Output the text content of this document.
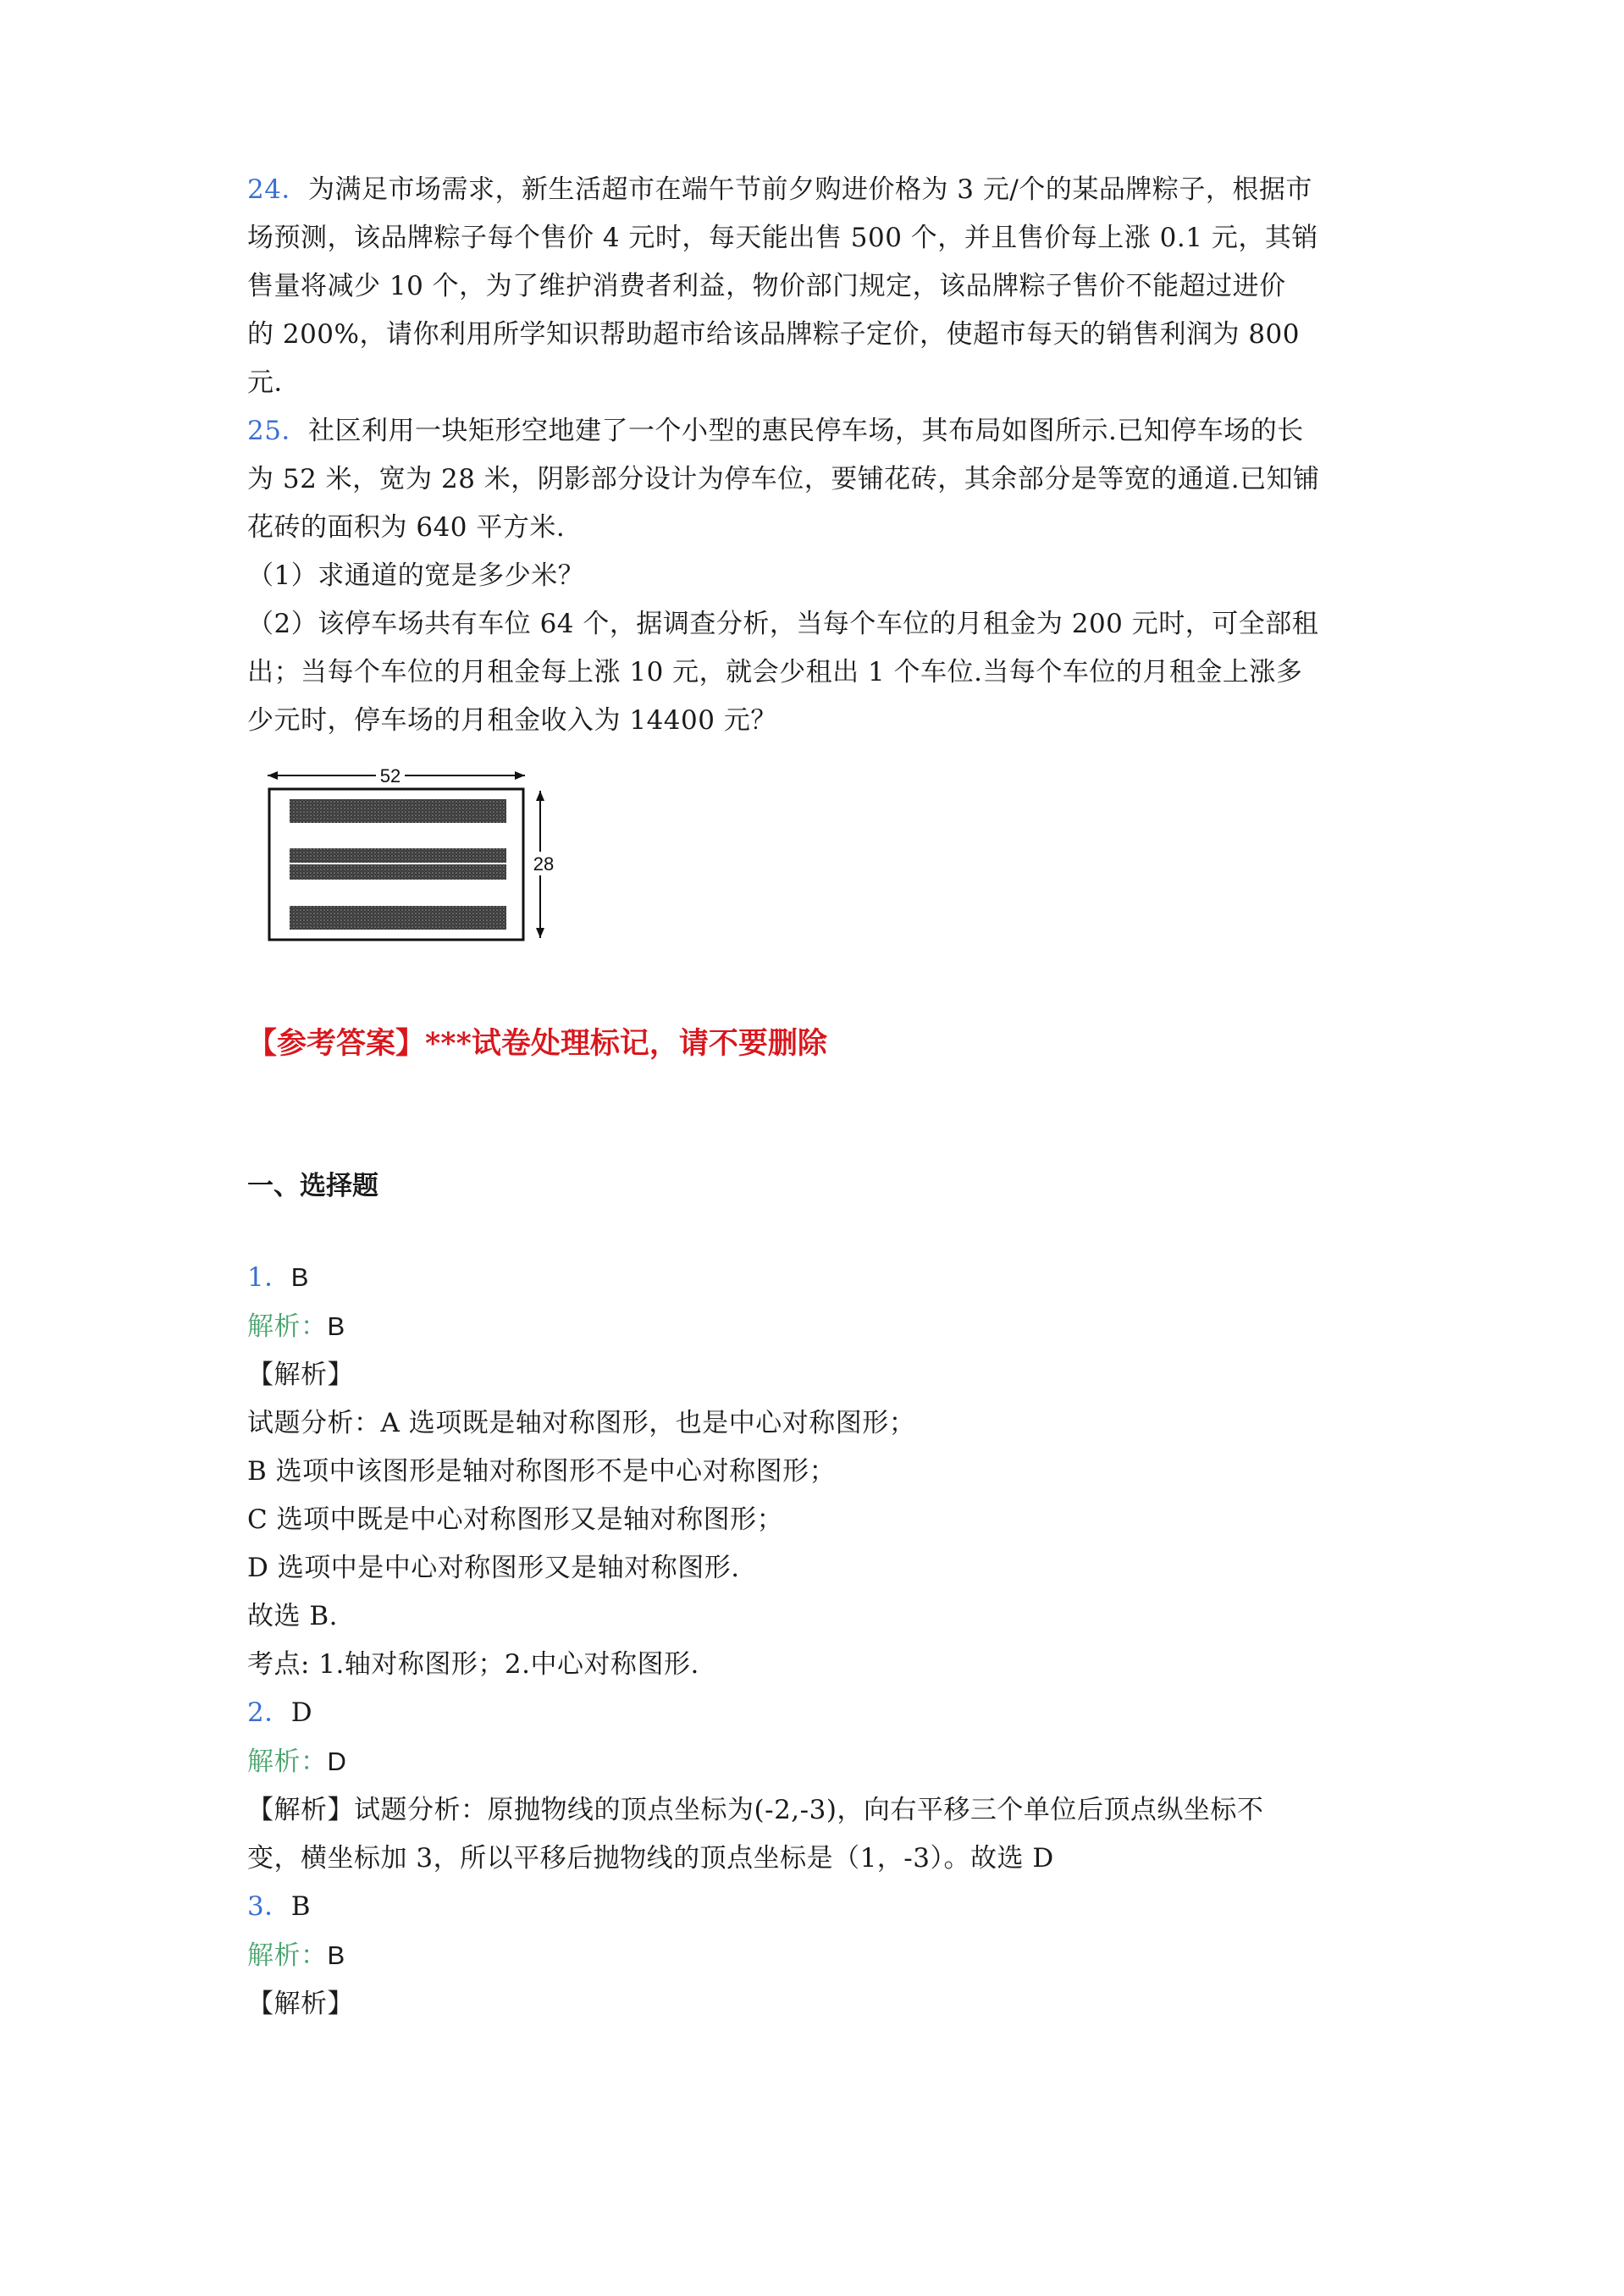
24．为满足市场需求，新生活超市在端午节前夕购进价格为 3 元/个的某品牌粽子，根据市
场预测，该品牌粽子每个售价 4 元时，每天能出售 500 个，并且售价每上涨 0.1 元，其销
售量将减少 10 个，为了维护消费者利益，物价部门规定，该品牌粽子售价不能超过进价
的 200%，请你利用所学知识帮助超市给该品牌粽子定价，使超市每天的销售利润为 800
元．
25．社区利用一块矩形空地建了一个小型的惠民停车场，其布局如图所示.已知停车场的长
为 52 米，宽为 28 米，阴影部分设计为停车位，要铺花砖，其余部分是等宽的通道.已知铺
花砖的面积为 640 平方米.
（1）求通道的宽是多少米？
（2）该停车场共有车位 64 个，据调查分析，当每个车位的月租金为 200 元时，可全部租
出；当每个车位的月租金每上涨 10 元，就会少租出 1 个车位.当每个车位的月租金上涨多
少元时，停车场的月租金收入为 14400 元？
52
28
【参考答案】***试卷处理标记，请不要删除
一、选择题
1．B
解析：B
【解析】
试题分析：A 选项既是轴对称图形，也是中心对称图形；
B 选项中该图形是轴对称图形不是中心对称图形；
C 选项中既是中心对称图形又是轴对称图形；
D 选项中是中心对称图形又是轴对称图形.
故选 B.
考点: 1.轴对称图形；2.中心对称图形.
2．D
解析：D
【解析】试题分析：原抛物线的顶点坐标为(-2,-3)，向右平移三个单位后顶点纵坐标不
变，横坐标加 3，所以平移后抛物线的顶点坐标是（1，-3）。故选 D
3．B
解析：B
【解析】
